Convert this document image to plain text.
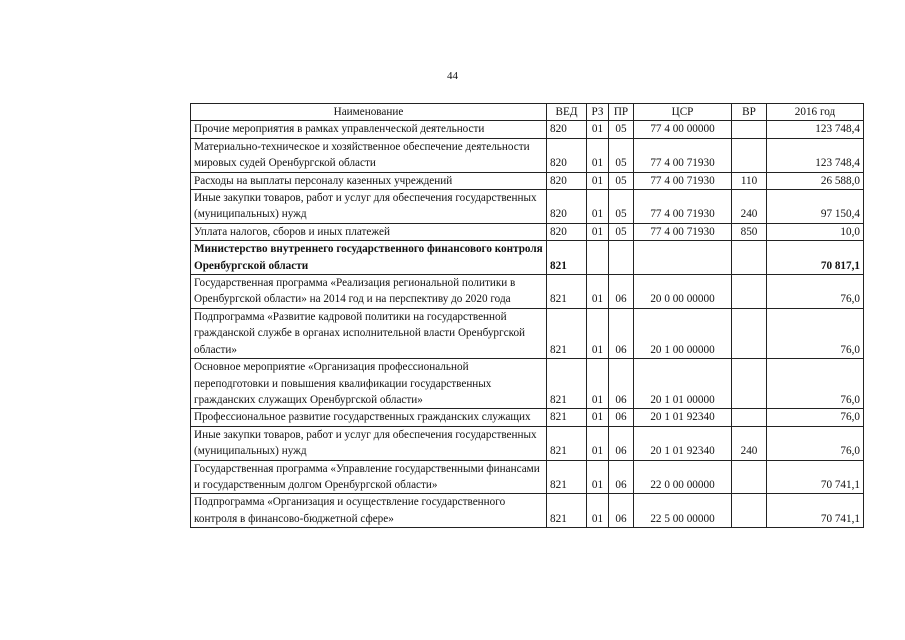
44
Наименование	ВЕД	РЗ	ПР	ЦСР	ВР	2016 год
Прочие мероприятия в рамках управленческой деятельности	820	01	05	77 4 00 00000		123 748,4
Материально-техническое и хозяйственное обеспечение деятельности мировых судей Оренбургской области	820	01	05	77 4 00 71930		123 748,4
Расходы на выплаты персоналу казенных учреждений	820	01	05	77 4 00 71930	110	26 588,0
Иные закупки товаров, работ и услуг для обеспечения государственных (муниципальных) нужд	820	01	05	77 4 00 71930	240	97 150,4
Уплата налогов, сборов и иных платежей	820	01	05	77 4 00 71930	850	10,0
Министерство внутреннего государственного финансового контроля Оренбургской области	821					70 817,1
Государственная программа «Реализация региональной политики в Оренбургской области» на 2014 год и на перспективу до 2020 года	821	01	06	20 0 00 00000		76,0
Подпрограмма «Развитие кадровой политики на государственной гражданской службе в органах исполнительной власти Оренбургской области»	821	01	06	20 1 00 00000		76,0
Основное мероприятие «Организация профессиональной переподготовки и повышения квалификации государственных гражданских служащих Оренбургской области»	821	01	06	20 1 01 00000		76,0
Профессиональное развитие государственных гражданских служащих	821	01	06	20 1 01 92340		76,0
Иные закупки товаров, работ и услуг для обеспечения государственных (муниципальных) нужд	821	01	06	20 1 01 92340	240	76,0
Государственная программа «Управление государственными финансами и государственным долгом Оренбургской области»	821	01	06	22 0 00 00000		70 741,1
Подпрограмма «Организация и осуществление государственного контроля в финансово-бюджетной сфере»	821	01	06	22 5 00 00000		70 741,1
